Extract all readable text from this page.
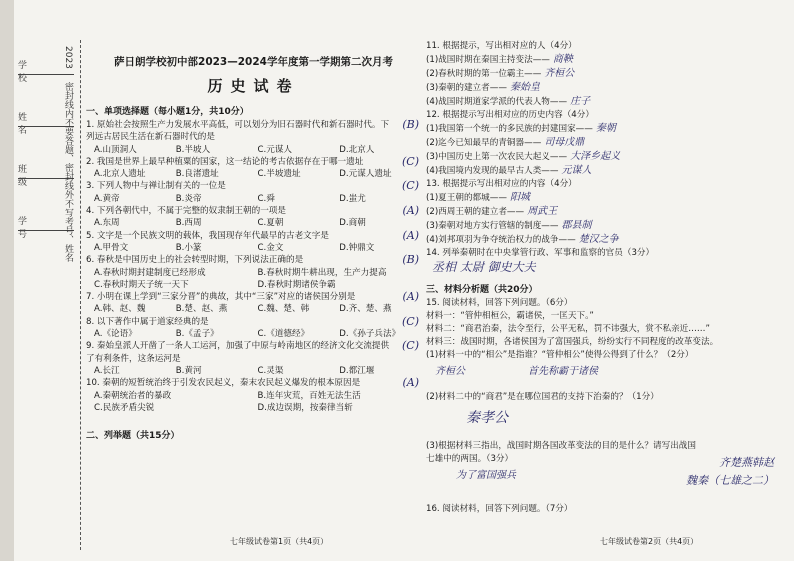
学校
姓名
班级
学号
2023
密封线内不要答题、密封线外不写考号、姓名
萨日朗学校初中部2023—2024学年度第一学期第二次月考
历史试卷
一、单项选择题（每小题1分，共10分）
1. 原始社会按照生产力发展水平高低，可以划分为旧石器时代和新石器时代。下列远古居民生活在新石器时代的是
(B)
A.山顶洞人	B.半坡人	C.元谋人	D.北京人
2. 我国是世界上最早种植粟的国家，这一结论的考古依据存在于哪一遗址	(C)
A.北京人遗址	B.良渚遗址	C.半坡遗址	D.元谋人遗址
3. 下列人物中与禅让制有关的一位是	(C)
A.黄帝	B.炎帝	C.舜	D.蚩尤
4. 下列各朝代中，不属于完整的奴隶制王朝的一项是	(A)
A.东周	B.西周	C.夏朝	D.商朝
5. 文字是一个民族文明的载体，我国现存年代最早的古老文字是	(A)
A.甲骨文	B.小篆	C.金文	D.钟鼎文
6. 春秋是中国历史上的社会转型时期，下列说法正确的是	(B)
A.春秋时期封建制度已经形成	B.春秋时期牛耕出现，生产力提高
C.春秋时期天子统一天下	D.春秋时期诸侯争霸
7. 小明在课上学到“三家分晋”的典故，其中“三家”对应的诸侯国分别是	(A)
A.韩、赵、魏	B.楚、赵、燕	C.魏、楚、韩	D.齐、楚、燕
8. 以下著作中属于道家经典的是	(C)
A.《论语》	B.《孟子》	C.《道德经》	D.《孙子兵法》
9. 秦始皇派人开凿了一条人工运河，加强了中原与岭南地区的经济文化交流提供了有利条件，这条运河是
(C)
A.长江	B.黄河	C.灵渠	D.都江堰
10. 秦朝的短暂统治终于引发农民起义，秦末农民起义爆发的根本原因是	(A)
A.秦朝统治者的暴政	B.连年灾荒，百姓无法生活
C.民族矛盾尖锐	D.成边误期，按秦律当斩
二、列举题（共15分）
11. 根据提示，写出相对应的人（4分）
(1)战国时期在秦国主持变法—— 商鞅
(2)春秋时期的第一位霸主—— 齐桓公
(3)秦朝的建立者—— 秦始皇
(4)战国时期道家学派的代表人物—— 庄子
12. 根据提示写出相对应的历史内容（4分）
(1)我国第一个统一的多民族的封建国家—— 秦朝
(2)迄今已知最早的青铜器—— 司母戊鼎
(3)中国历史上第一次农民大起义—— 大泽乡起义
(4)我国境内发现的最早古人类—— 元谋人
13. 根据提示写出相对应的内容（4分）
(1)夏王朝的都城—— 阳城
(2)西周王朝的建立者—— 周武王
(3)秦朝对地方实行管辖的制度—— 郡县制
(4)刘邦项羽为争夺统治权力的战争—— 楚汉之争
14. 列举秦朝时在中央掌管行政、军事和监察的官员（3分）
丞相 太尉 御史大夫
三、材料分析题（共20分）
15. 阅读材料，回答下列问题。（6分）
材料一：“管仲相桓公，霸诸侯，一匡天下。”
材料二：“商君治秦，法令至行，公平无私，罚不讳强大，赏不私亲近……”
材料三：战国时期，各诸侯国为了富国强兵，纷纷实行不同程度的改革变法。
(1)材料一中的“相公”是指谁？“管仲相公”使得公得到了什么？（2分）
齐桓公	首先称霸于诸侯
(2)材料二中的“商君”是在哪位国君的支持下治秦的？（1分）
秦孝公
(3)根据材料三指出，战国时期各国改革变法的目的是什么？请写出战国七雄中的两国。（3分）
为了富国强兵
齐楚燕韩赵
魏秦（七雄之二）
16. 阅读材料，回答下列问题。（7分）
七年级试卷第1页（共4页）	七年级试卷第2页（共4页）
